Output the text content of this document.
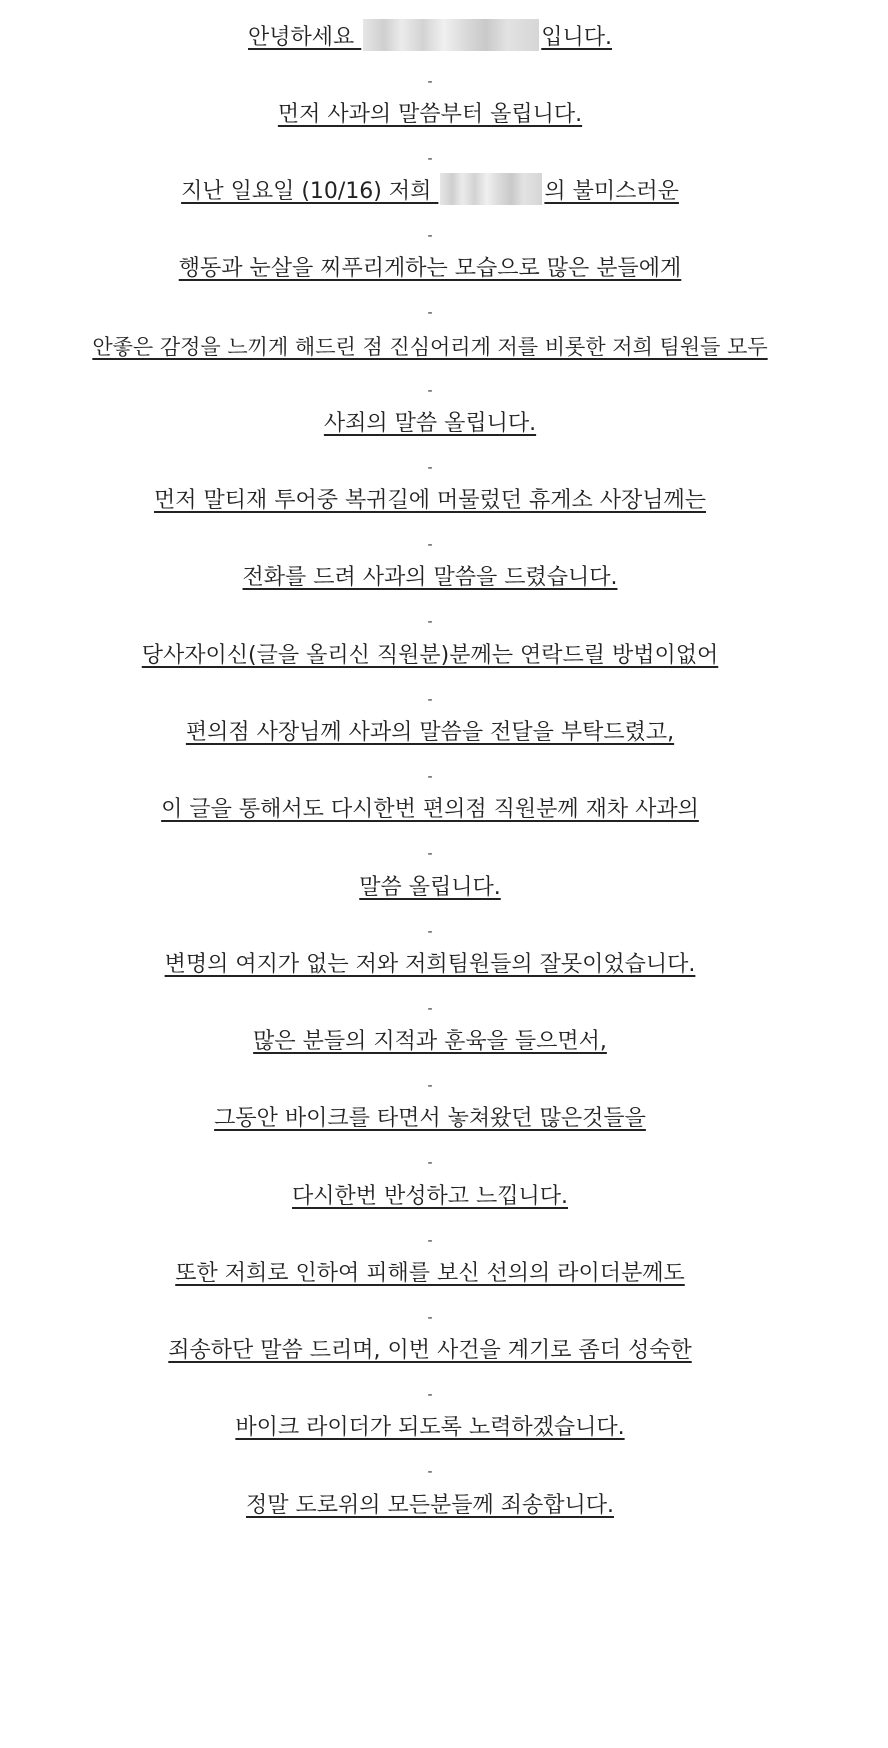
안녕하세요	입니다.
-
먼저 사과의 말씀부터 올립니다.
-
지난 일요일 (10/16) 저희	의 불미스러운
-
행동과 눈살을 찌푸리게하는 모습으로 많은 분들에게
-
안좋은 감정을 느끼게 해드린 점 진심어리게 저를 비롯한 저희 팀원들 모두
-
사죄의 말씀 올립니다.
-
먼저 말티재 투어중 복귀길에 머물렀던 휴게소 사장님께는
-
전화를 드려 사과의 말씀을 드렸습니다.
-
당사자이신(글을 올리신 직원분)분께는 연락드릴 방법이없어
-
편의점 사장님께 사과의 말씀을 전달을 부탁드렸고,
-
이 글을 통해서도 다시한번 편의점 직원분께 재차 사과의
-
말씀 올립니다.
-
변명의 여지가 없는 저와 저희팀원들의 잘못이었습니다.
-
많은 분들의 지적과 훈육을 들으면서,
-
그동안 바이크를 타면서 놓쳐왔던 많은것들을
-
다시한번 반성하고 느낍니다.
-
또한 저희로 인하여 피해를 보신 선의의 라이더분께도
-
죄송하단 말씀 드리며, 이번 사건을 계기로 좀더 성숙한
-
바이크 라이더가 되도록 노력하겠습니다.
-
정말 도로위의 모든분들께 죄송합니다.
